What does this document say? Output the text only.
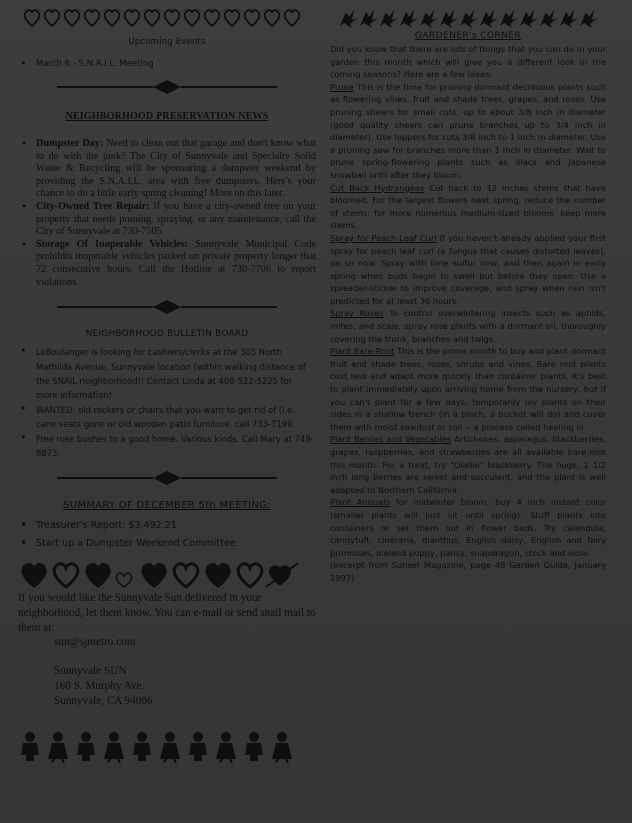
Upcoming Events
• March 6 - S.N.A.I.L. Meeting
NEIGHBORHOOD PRESERVATION NEWS
• Dumpster Day: Need to clean out that garage and don't know what to do with the junk? The City of Sunnyvale and Specialty Solid Waste & Recycling will be sponsoring a dumpster weekend by providing the S.N.A.I.L. area with free dumpsters. Here's your chance to do a little early spring cleaning! More on this later.
• City-Owned Tree Repair: If you have a city-owned tree on your property that needs pruning, spraying, or any maintenance, call the City of Sunnyvale at 730-7505.
• Storage Of Inoperable Vehicles: Sunnyvale Municipal Code prohibits inoperable vehicles parked on private property longer that 72 consecutive hours. Call the Hotline at 730-7706 to report violations.
NEIGHBORHOOD BULLETIN BOARD
• LeBoulanger is looking for cashiers/clerks at the 305 North Mathilda Avenue, Sunnyvale location (within walking distance of the SNAIL neighborhood)! Contact Linda at 408-522-5225 for more information!
• WANTED: old rockers or chairs that you want to get rid of (i.e. cane seats gone or old wooden patio furniture. call 733-7199.
• Free rose bushes to a good home. Various kinds. Call Mary at 749-8873.
SUMMARY OF DECEMBER 5th MEETING:
• Treasurer's Report: $3,492.21
• Start up a Dumpster Weekend Committee
If you would like the Sunnyvale Sun delivered in your neighborhood, let them know. You can e-mail or send snail mail to them at:
sun@sjmetro.com
Sunnyvale SUN
160 S. Murphy Ave.
Sunnyvale, CA 94086
GARDENER's CORNER

Did you know that there are lots of things that you can do in your garden this month which will give you a different look in the coming seasons? Here are a few ideas:

Prune This is the time for pruning dormant deciduous plants such as flowering vines, fruit and shade trees, grapes, and roses. Use pruning shears for small cuts, up to about 3/8 inch in diameter (good quality shears can prune branches up to 3/4 inch in diameter). Use loppers for cuts 3/8 inch to 1 inch in diameter. Use a pruning saw for branches more than 1 inch in diameter. Wait to prune spring-flowering plants such as lilacs and Japanese snowball until after they bloom.

Cut Back Hydrangeas Cut back to 12 inches stems that have bloomed. For the largest flowers next spring, reduce the number of stems; for more numerous medium-sized blooms, keep more stems.

Spray for Peach Leaf Curl If you haven't already applied your first spray for peach leaf curl (a fungus that causes distorted leaves), do so now. Spray with lime sulfur now, and then again in early spring when buds begin to swell but before they open. Use a spreader-sticker to improve coverage, and spray when rain isn't predicted for at least 36 hours.

Spray Roses To control overwintering insects such as aphids, mites, and scale, spray rose plants with a dormant oil, thoroughly covering the trunk, branches and twigs.

Plant Bare-Root This is the prime month to buy and plant dormant fruit and shade trees, roses, shrubs and vines. Bare root plants cost less and adapt more quickly than container plants. It's best to plant immediately upon arriving home from the nursery, but if you can't plant for a few days, temporarily lay plants on their sides in a shallow trench (in a pinch, a bucket will do) and cover them with moist sawdust or soil -- a process called heeling in.

Plant Berries and Vegetables Artichokes, asparagus, blackberries, grapes, raspberries, and strawberries are all available bare-root this month. For a treat, try "Olallie" blackberry. The huge, 1 1/2 inch long berries are sweet and succulent, and the plant is well adapted to Northern California.

Plant Annuals for midwinter bloom, buy 4 inch instant color (smaller plants will just sit until spring). Stuff plants into containers or set them out in flower beds. Try calendula, candytuft, cineraria, dianthus, English daisy, English and fairy primroses, Iceland poppy, pansy, snapdragon, stock and viola.

(excerpt from Sunset Magazine, page 48 Garden Guide, January 1997)
